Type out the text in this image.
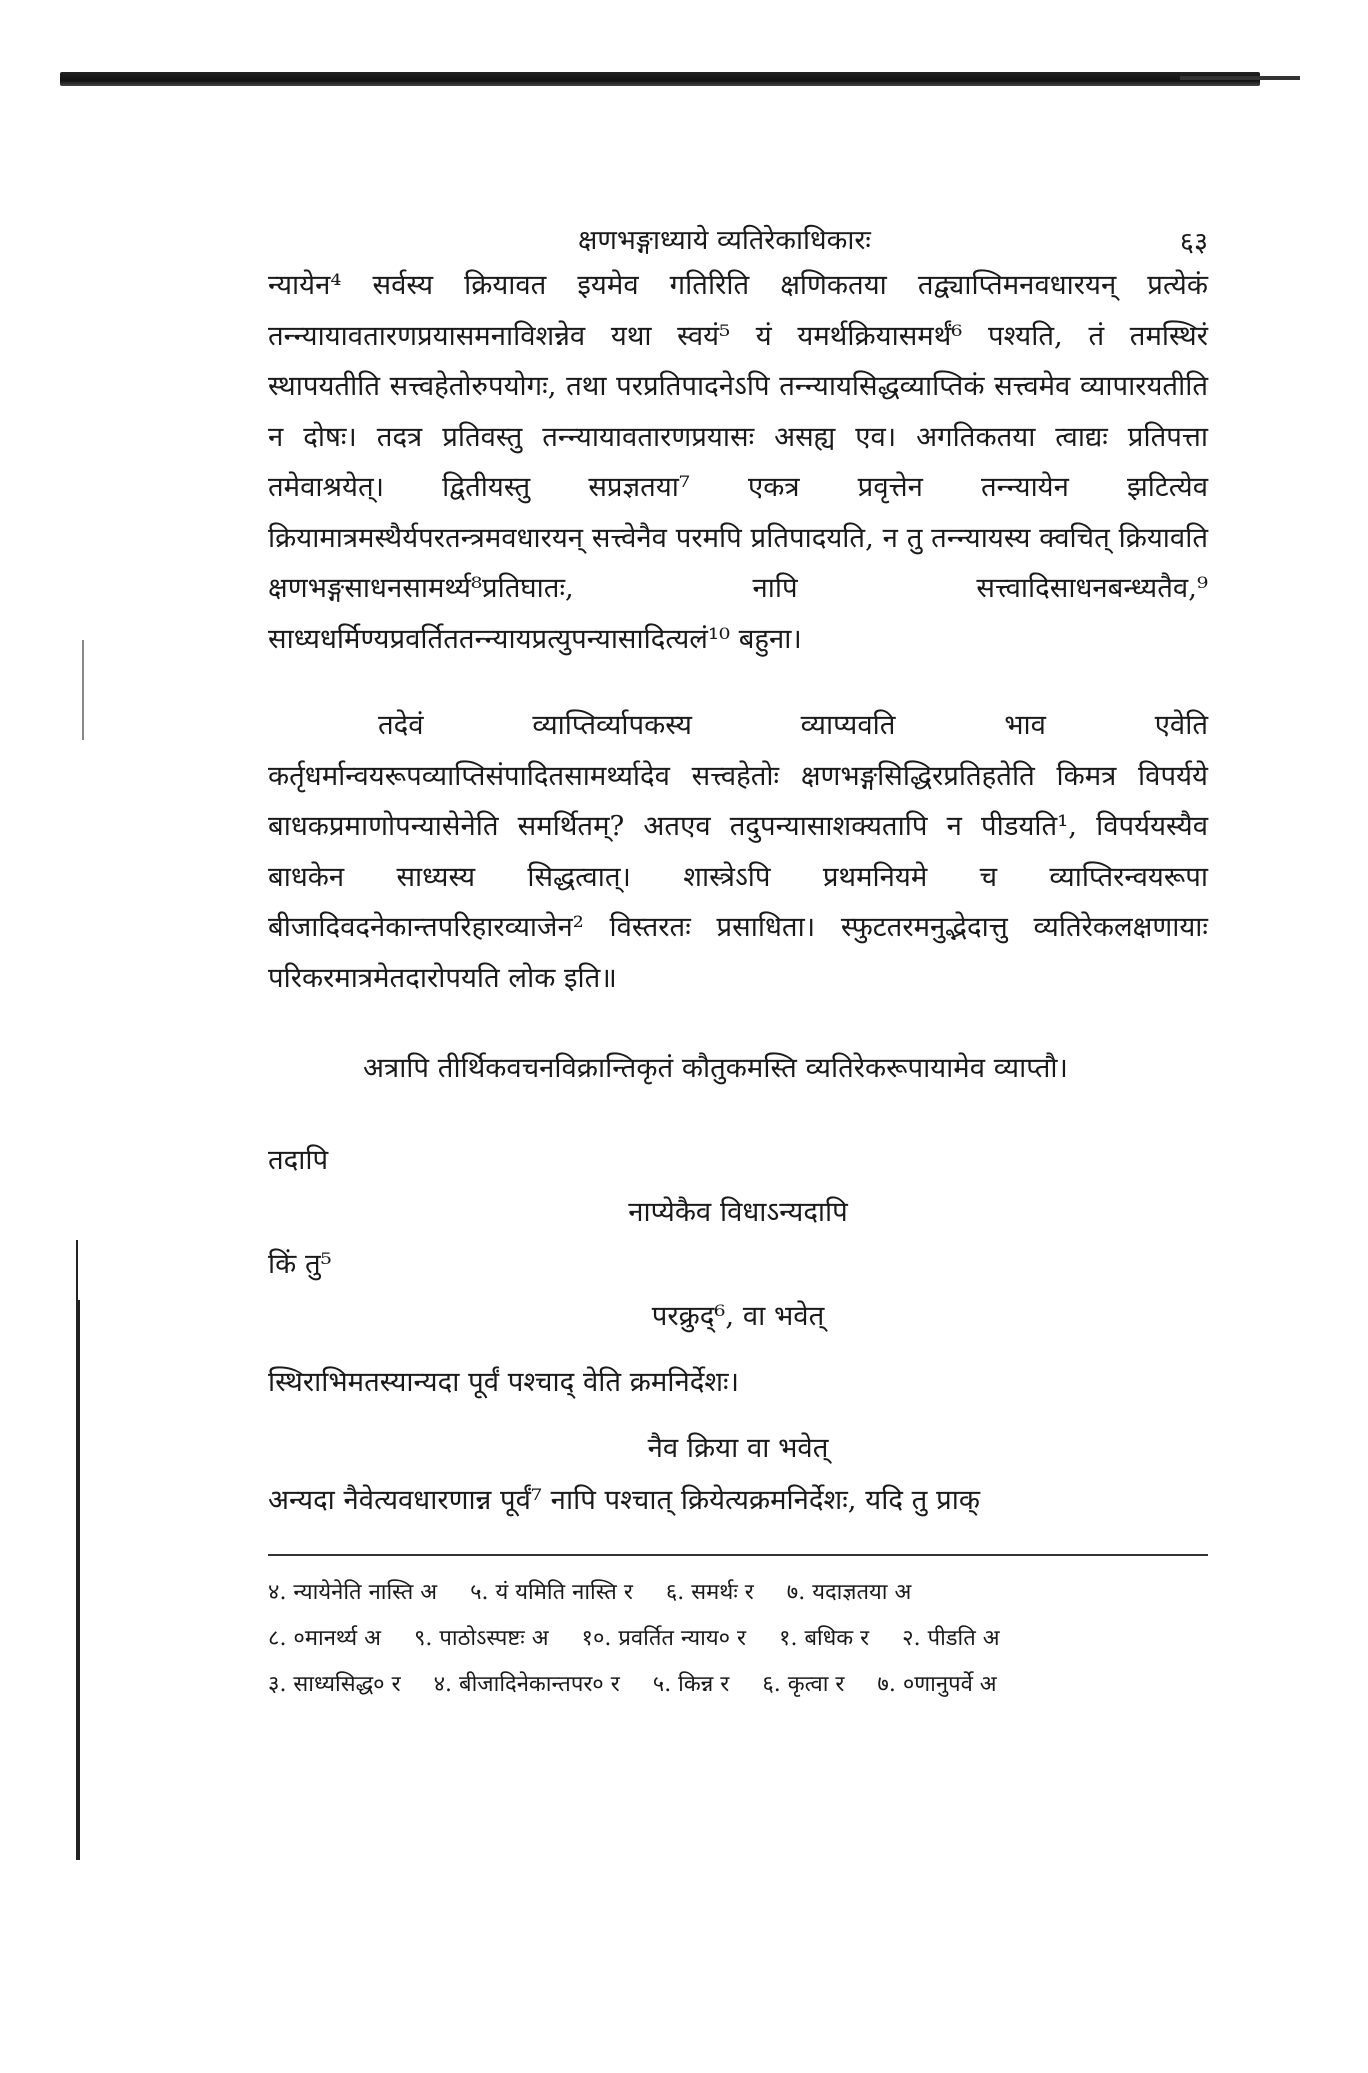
क्षणभङ्गाध्याये व्यतिरेकाधिकारः	६३

न्यायेन⁴ सर्वस्य क्रियावत इयमेव गतिरिति क्षणिकतया तद्व्याप्तिमनवधारयन् प्रत्येकं तन्न्यायावतारणप्रयासमनाविशन्नेव यथा स्वयं⁵ यं यमर्थक्रियासमर्थं⁶ पश्यति, तं तमस्थिरं स्थापयतीति सत्त्वहेतोरुपयोगः, तथा परप्रतिपादनेऽपि तन्न्यायसिद्धव्याप्तिकं सत्त्वमेव व्यापारयतीति न दोषः। तदत्र प्रतिवस्तु तन्न्यायावतारणप्रयासः असह्य एव। अगतिकतया त्वाद्यः प्रतिपत्ता तमेवाश्रयेत्। द्वितीयस्तु सप्रज्ञतया⁷ एकत्र प्रवृत्तेन तन्न्यायेन झटित्येव क्रियामात्रमस्थैर्यपरतन्त्रमवधारयन् सत्त्वेनैव परमपि प्रतिपादयति, न तु तन्न्यायस्य क्वचित् क्रियावति क्षणभङ्गसाधनसामर्थ्य⁸प्रतिघातः, नापि सत्त्वादिसाधनबन्ध्यतैव,⁹ साध्यधर्मिण्यप्रवर्तिततन्न्यायप्रत्युपन्यासादित्यलं¹⁰ बहुना।

तदेवं व्याप्तिर्व्यापकस्य व्याप्यवति भाव एवेति कर्तृधर्मान्वयरूपव्याप्तिसंपादितसामर्थ्यादेव सत्त्वहेतोः क्षणभङ्गसिद्धिरप्रतिहतेति किमत्र विपर्यये बाधकप्रमाणोपन्यासेनेति समर्थितम्? अतएव तदुपन्यासाशक्यतापि न पीडयति¹, विपर्ययस्यैव बाधकेन साध्यस्य सिद्धत्वात्। शास्त्रेऽपि प्रथमनियमे च व्याप्तिरन्वयरूपा बीजादिवदनेकान्तपरिहारव्याजेन² विस्तरतः प्रसाधिता। स्फुटतरमनुद्भेदात्तु व्यतिरेकलक्षणायाः परिकरमात्रमेतदारोपयति लोक इति॥

अत्रापि तीर्थिकवचनविक्रान्तिकृतं कौतुकमस्ति व्यतिरेकरूपायामेव व्याप्तौ।

तदापि

नाप्येकैव विधाऽन्यदापि

किं तु⁵

परक्रुद्⁶, वा भवेत्

स्थिराभिमतस्यान्यदा पूर्वं पश्चाद् वेति क्रमनिर्देशः।

नैव क्रिया वा भवेत्

अन्यदा नैवेत्यवधारणान्न पूर्वं⁷ नापि पश्चात् क्रियेत्यक्रमनिर्देशः, यदि तु प्राक्

४. न्यायेनेति नास्ति अ ५. यं यमिति नास्ति र ६. समर्थः र ७. यदाज्ञतया अ
८. ०मानर्थ्य अ ९. पाठोऽस्पष्टः अ १०. प्रवर्तित न्याय० र १. बधिक र २. पीडति अ
३. साध्यसिद्ध० र ४. बीजादिनेकान्तपर० र ५. किन्न र ६. कृत्वा र ७. ०णानुपर्वे अ
